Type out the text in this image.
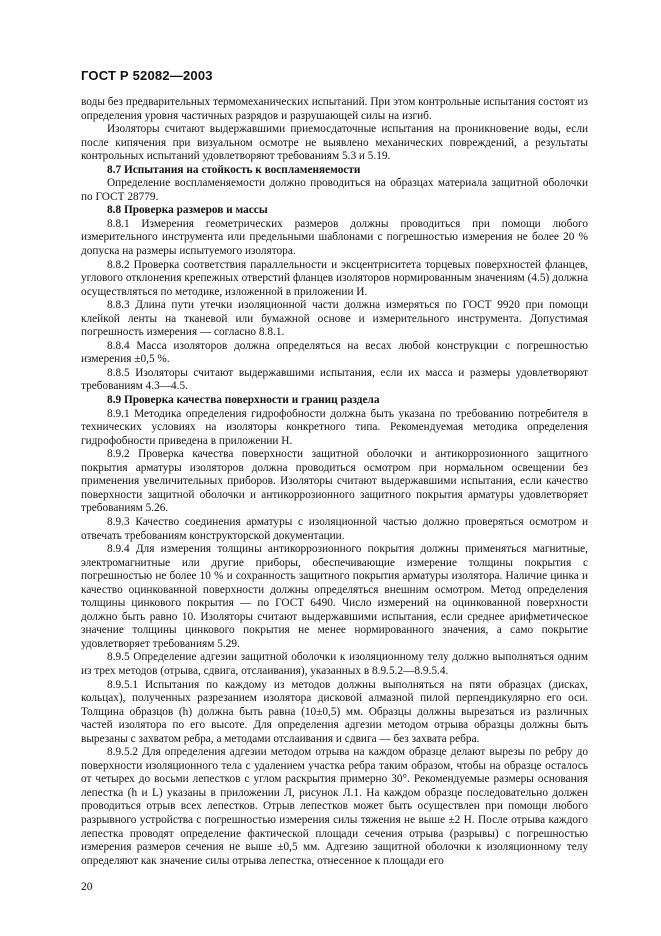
ГОСТ Р 52082—2003

воды без предварительных термомеханических испытаний. При этом контрольные испытания состоят из определения уровня частичных разрядов и разрушающей силы на изгиб.

Изоляторы считают выдержавшими приемосдаточные испытания на проникновение воды, если после кипячения при визуальном осмотре не выявлено механических повреждений, а результаты контрольных испытаний удовлетворяют требованиям 5.3 и 5.19.

8.7 Испытания на стойкость к воспламеняемости

Определение воспламеняемости должно проводиться на образцах материала защитной оболочки по ГОСТ 28779.

8.8 Проверка размеров и массы

8.8.1 Измерения геометрических размеров должны проводиться при помощи любого измерительного инструмента или предельными шаблонами с погрешностью измерения не более 20 % допуска на размеры испытуемого изолятора.

8.8.2 Проверка соответствия параллельности и эксцентриситета торцевых поверхностей фланцев, углового отклонения крепежных отверстий фланцев изоляторов нормированным значениям (4.5) должна осуществляться по методике, изложенной в приложении И.

8.8.3 Длина пути утечки изоляционной части должна измеряться по ГОСТ 9920 при помощи клейкой ленты на тканевой или бумажной основе и измерительного инструмента. Допустимая погрешность измерения — согласно 8.8.1.

8.8.4 Масса изоляторов должна определяться на весах любой конструкции с погрешностью измерения ±0,5 %.

8.8.5 Изоляторы считают выдержавшими испытания, если их масса и размеры удовлетворяют требованиям 4.3—4.5.

8.9 Проверка качества поверхности и границ раздела

8.9.1 Методика определения гидрофобности должна быть указана по требованию потребителя в технических условиях на изоляторы конкретного типа. Рекомендуемая методика определения гидрофобности приведена в приложении Н.

8.9.2 Проверка качества поверхности защитной оболочки и антикоррозионного защитного покрытия арматуры изоляторов должна проводиться осмотром при нормальном освещении без применения увеличительных приборов. Изоляторы считают выдержавшими испытания, если качество поверхности защитной оболочки и антикоррозионного защитного покрытия арматуры удовлетворяет требованиям 5.26.

8.9.3 Качество соединения арматуры с изоляционной частью должно проверяться осмотром и отвечать требованиям конструкторской документации.

8.9.4 Для измерения толщины антикоррозионного покрытия должны применяться магнитные, электромагнитные или другие приборы, обеспечивающие измерение толщины покрытия с погрешностью не более 10 % и сохранность защитного покрытия арматуры изолятора. Наличие цинка и качество оцинкованной поверхности должны определяться внешним осмотром. Метод определения толщины цинкового покрытия — по ГОСТ 6490. Число измерений на оцинкованной поверхности должно быть равно 10. Изоляторы считают выдержавшими испытания, если среднее арифметическое значение толщины цинкового покрытия не менее нормированного значения, а само покрытие удовлетворяет требованиям 5.29.

8.9.5 Определение адгезии защитной оболочки к изоляционному телу должно выполняться одним из трех методов (отрыва, сдвига, отслаивания), указанных в 8.9.5.2—8.9.5.4.

8.9.5.1 Испытания по каждому из методов должны выполняться на пяти образцах (дисках, кольцах), полученных разрезанием изолятора дисковой алмазной пилой перпендикулярно его оси. Толщина образцов (h) должна быть равна (10±0,5) мм. Образцы должны вырезаться из различных частей изолятора по его высоте. Для определения адгезии методом отрыва образцы должны быть вырезаны с захватом ребра, а методами отслаивания и сдвига — без захвата ребра.

8.9.5.2 Для определения адгезии методом отрыва на каждом образце делают вырезы по ребру до поверхности изоляционного тела с удалением участка ребра таким образом, чтобы на образце осталось от четырех до восьми лепестков с углом раскрытия примерно 30°. Рекомендуемые размеры основания лепестка (h и L) указаны в приложении Л, рисунок Л.1. На каждом образце последовательно должен проводиться отрыв всех лепестков. Отрыв лепестков может быть осуществлен при помощи любого разрывного устройства с погрешностью измерения силы тяжения не выше ±2 Н. После отрыва каждого лепестка проводят определение фактической площади сечения отрыва (разрывы) с погрешностью измерения размеров сечения не выше ±0,5 мм. Адгезию защитной оболочки к изоляционному телу определяют как значение силы отрыва лепестка, отнесенное к площади его

20
